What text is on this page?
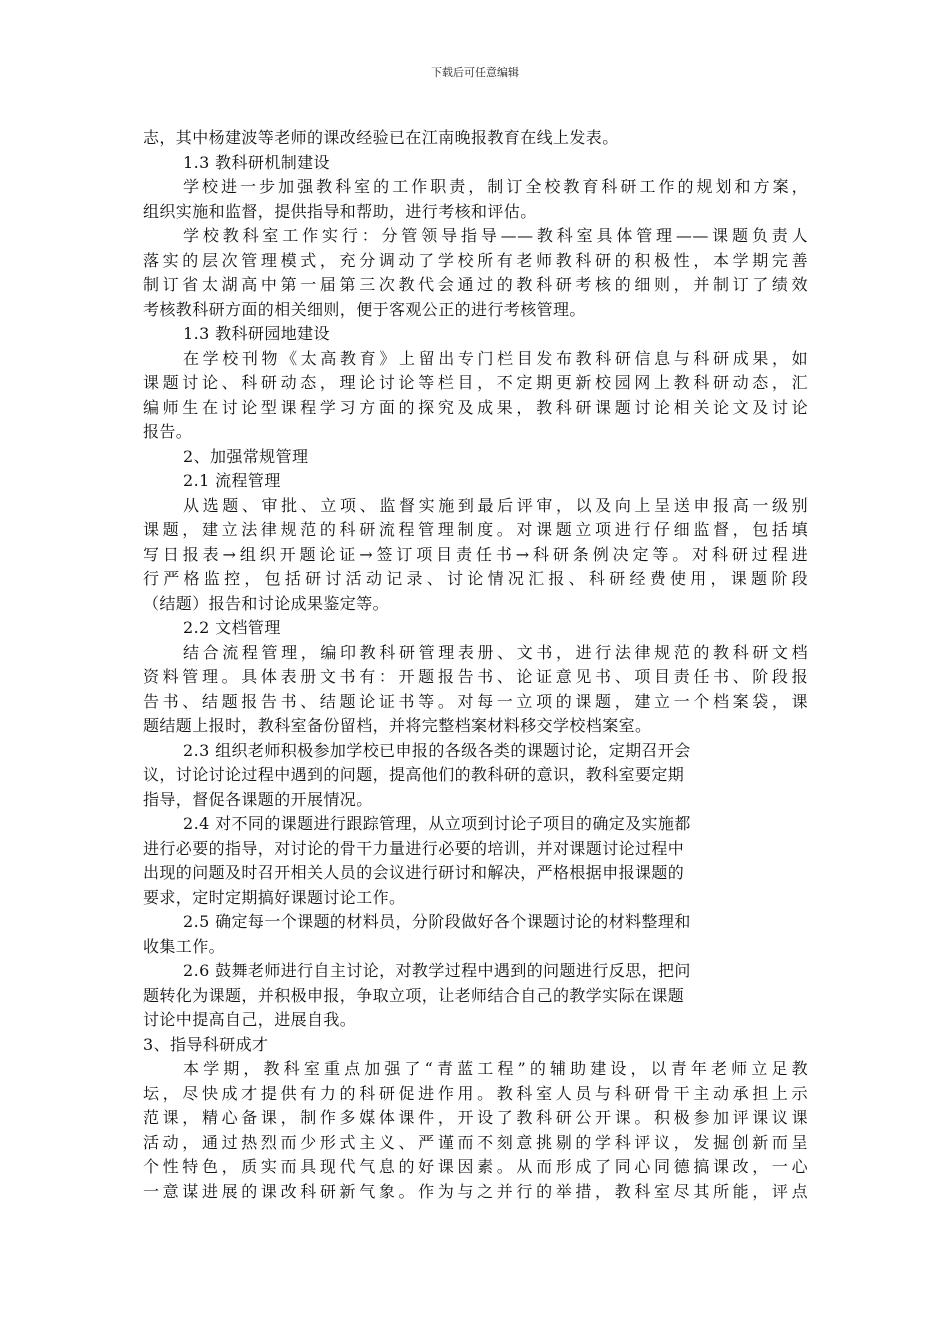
下载后可任意编辑
志，其中杨建波等老师的课改经验已在江南晚报教育在线上发表。
1.3 教科研机制建设
学校进一步加强教科室的工作职责，制订全校教育科研工作的规划和方案，
组织实施和监督，提供指导和帮助，进行考核和评估。
学校教科室工作实行：分管领导指导——教科室具体管理——课题负责人
落实的层次管理模式，充分调动了学校所有老师教科研的积极性，本学期完善
制订省太湖高中第一届第三次教代会通过的教科研考核的细则，并制订了绩效
考核教科研方面的相关细则，便于客观公正的进行考核管理。
1.3 教科研园地建设
在学校刊物《太高教育》上留出专门栏目发布教科研信息与科研成果，如
课题讨论、科研动态，理论讨论等栏目，不定期更新校园网上教科研动态，汇
编师生在讨论型课程学习方面的探究及成果，教科研课题讨论相关论文及讨论
报告。
2、加强常规管理
2.1 流程管理
从选题、审批、立项、监督实施到最后评审，以及向上呈送申报高一级别
课题，建立法律规范的科研流程管理制度。对课题立项进行仔细监督，包括填
写日报表→组织开题论证→签订项目责任书→科研条例决定等。对科研过程进
行严格监控，包括研讨活动记录、讨论情况汇报、科研经费使用，课题阶段
（结题）报告和讨论成果鉴定等。
2.2 文档管理
结合流程管理，编印教科研管理表册、文书，进行法律规范的教科研文档
资料管理。具体表册文书有：开题报告书、论证意见书、项目责任书、阶段报
告书、结题报告书、结题论证书等。对每一立项的课题，建立一个档案袋，课
题结题上报时，教科室备份留档，并将完整档案材料移交学校档案室。
2.3 组织老师积极参加学校已申报的各级各类的课题讨论，定期召开会
议，讨论讨论过程中遇到的问题，提高他们的教科研的意识，教科室要定期
指导，督促各课题的开展情况。
2.4 对不同的课题进行跟踪管理，从立项到讨论子项目的确定及实施都
进行必要的指导，对讨论的骨干力量进行必要的培训，并对课题讨论过程中
出现的问题及时召开相关人员的会议进行研讨和解决，严格根据申报课题的
要求，定时定期搞好课题讨论工作。
2.5 确定每一个课题的材料员，分阶段做好各个课题讨论的材料整理和
收集工作。
2.6 鼓舞老师进行自主讨论，对教学过程中遇到的问题进行反思，把问
题转化为课题，并积极申报，争取立项，让老师结合自己的教学实际在课题
讨论中提高自己，进展自我。
3、指导科研成才
本学期，教科室重点加强了“青蓝工程”的辅助建设，以青年老师立足教
坛，尽快成才提供有力的科研促进作用。教科室人员与科研骨干主动承担上示
范课，精心备课，制作多媒体课件，开设了教科研公开课。积极参加评课议课
活动，通过热烈而少形式主义、严谨而不刻意挑剔的学科评议，发掘创新而呈
个性特色，质实而具现代气息的好课因素。从而形成了同心同德搞课改，一心
一意谋进展的课改科研新气象。作为与之并行的举措，教科室尽其所能，评点
